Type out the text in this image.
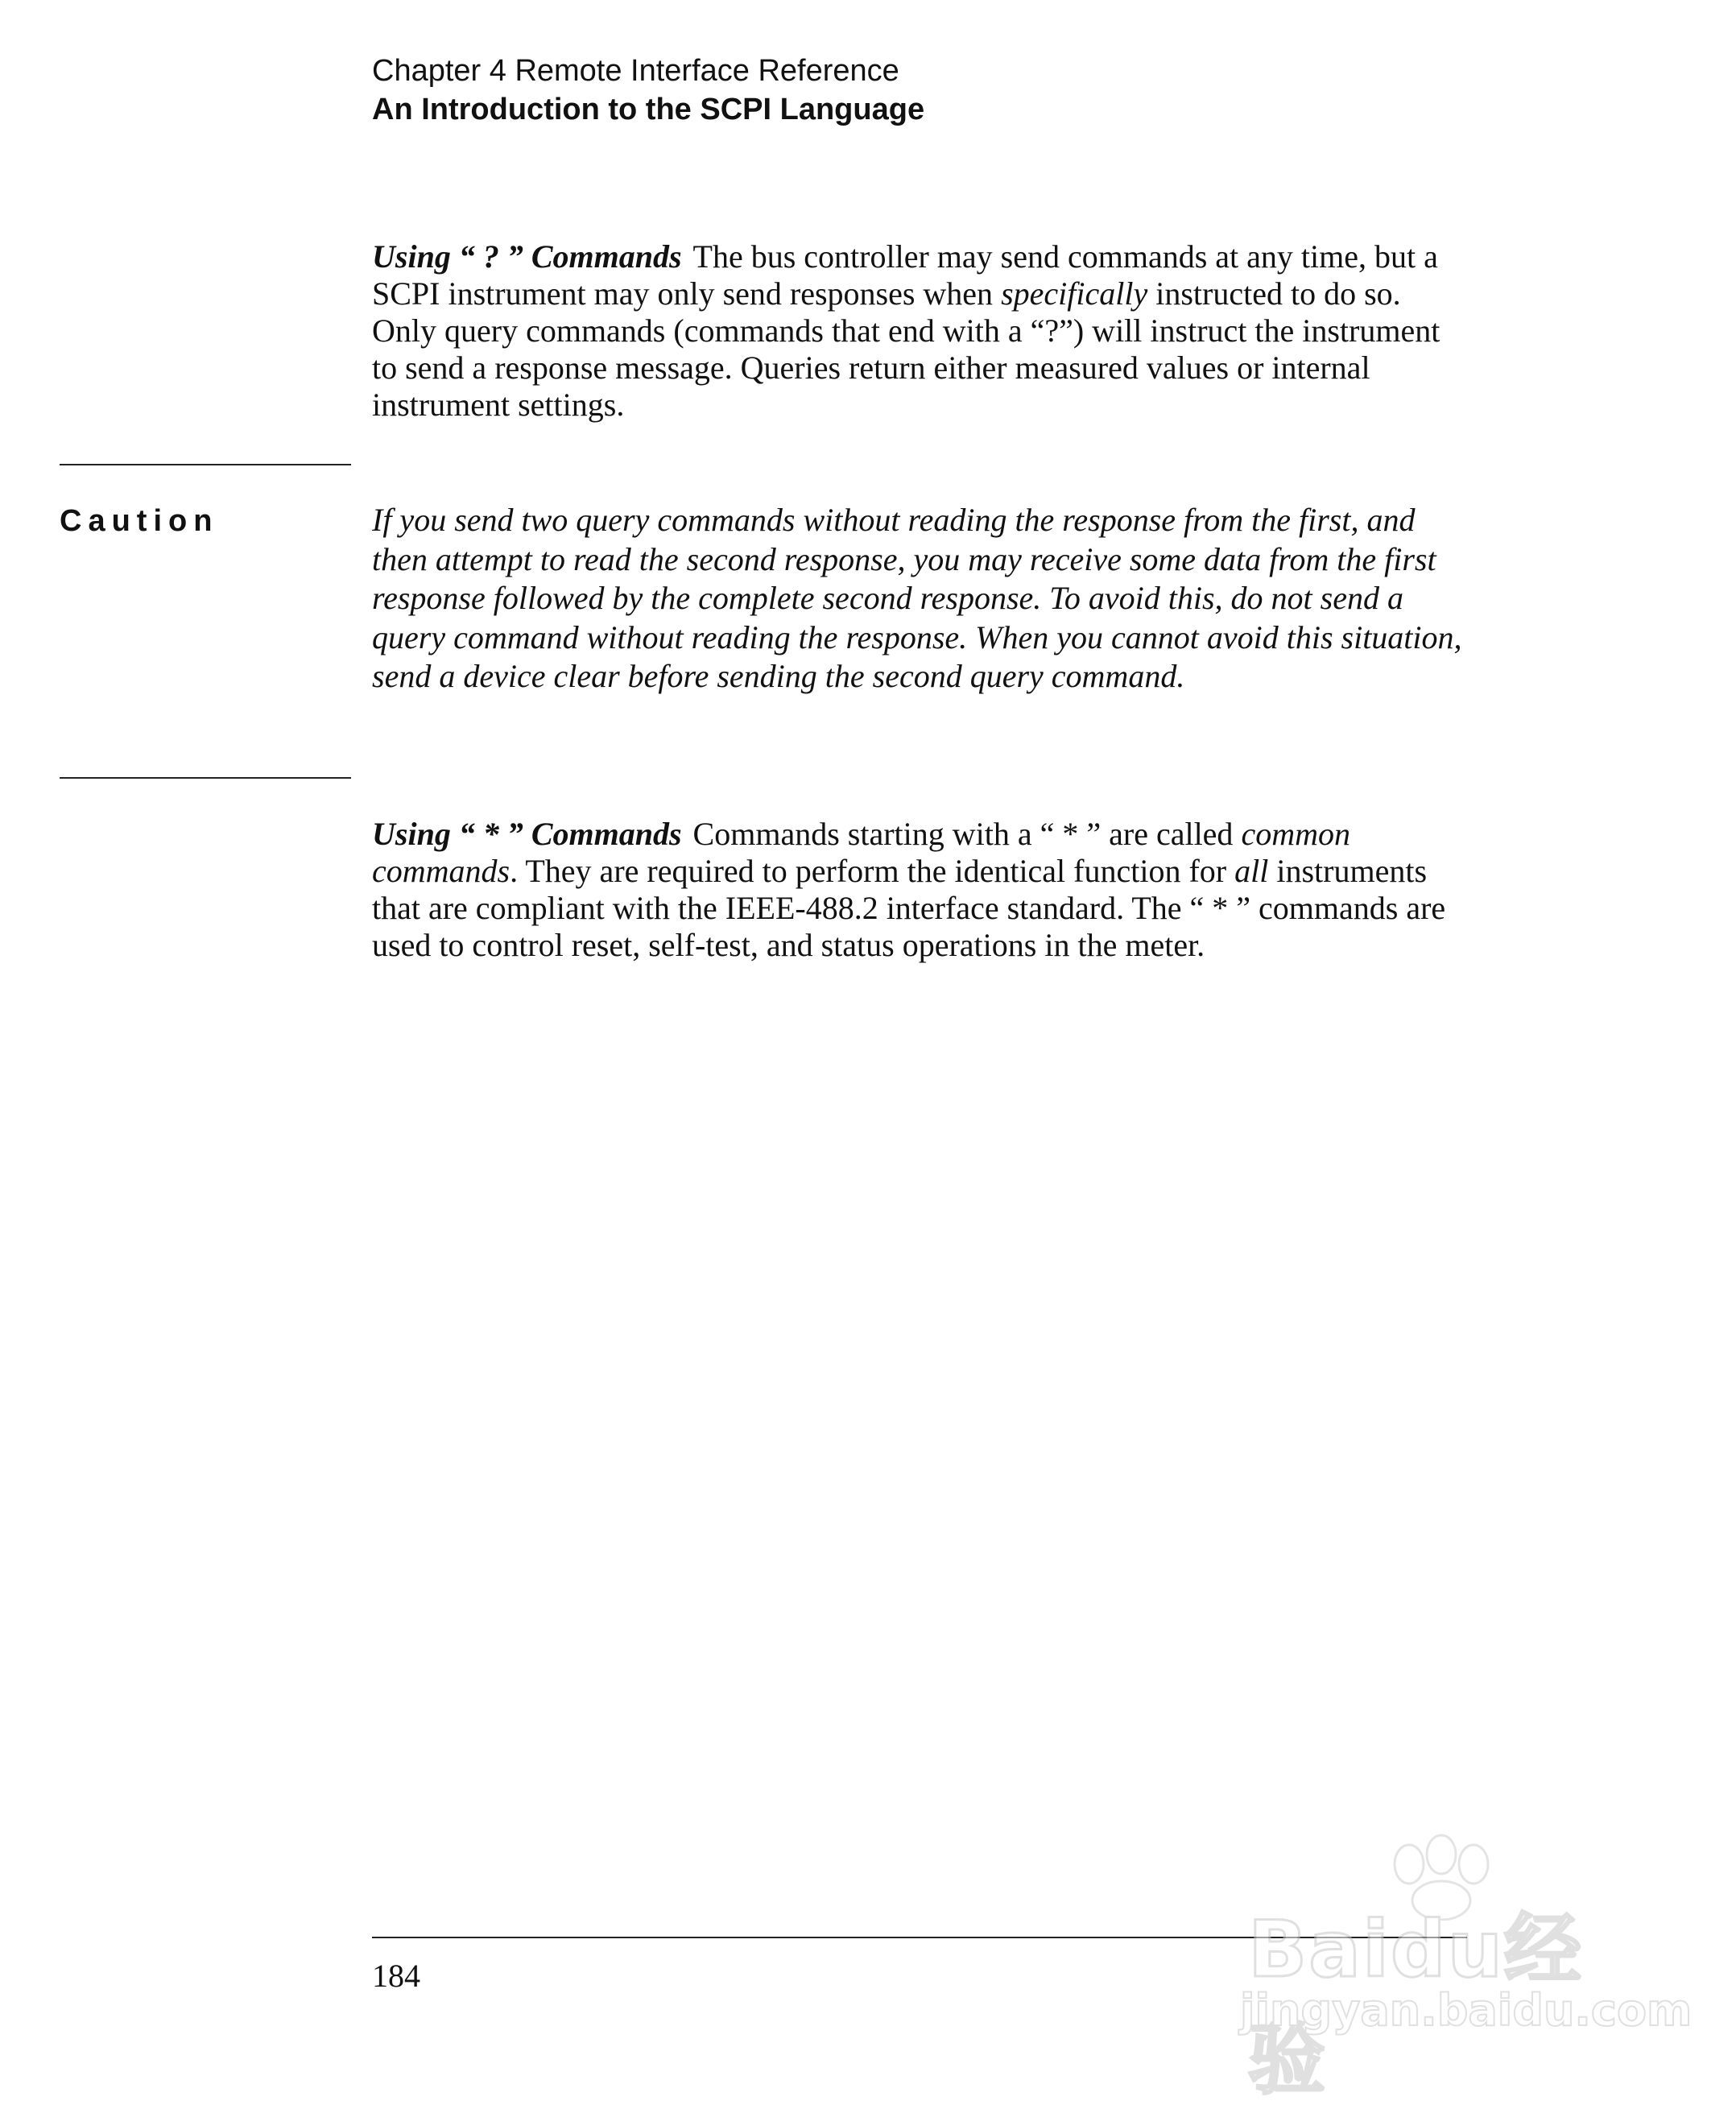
Chapter 4 Remote Interface Reference
An Introduction to the SCPI Language
Using “ ? ” Commands The bus controller may send commands at any time, but a SCPI instrument may only send responses when specifically instructed to do so. Only query commands (commands that end with a “?”) will instruct the instrument to send a response message. Queries return either measured values or internal instrument settings.
Caution	If you send two query commands without reading the response from the first, and then attempt to read the second response, you may receive some data from the first response followed by the complete second response. To avoid this, do not send a query command without reading the response. When you cannot avoid this situation, send a device clear before sending the second query command.
Using “ * ” Commands Commands starting with a “ * ” are called common commands. They are required to perform the identical function for all instruments that are compliant with the IEEE-488.2 interface standard. The “ * ” commands are used to control reset, self-test, and status operations in the meter.
184	Baidu经验
jingyan.baidu.com
